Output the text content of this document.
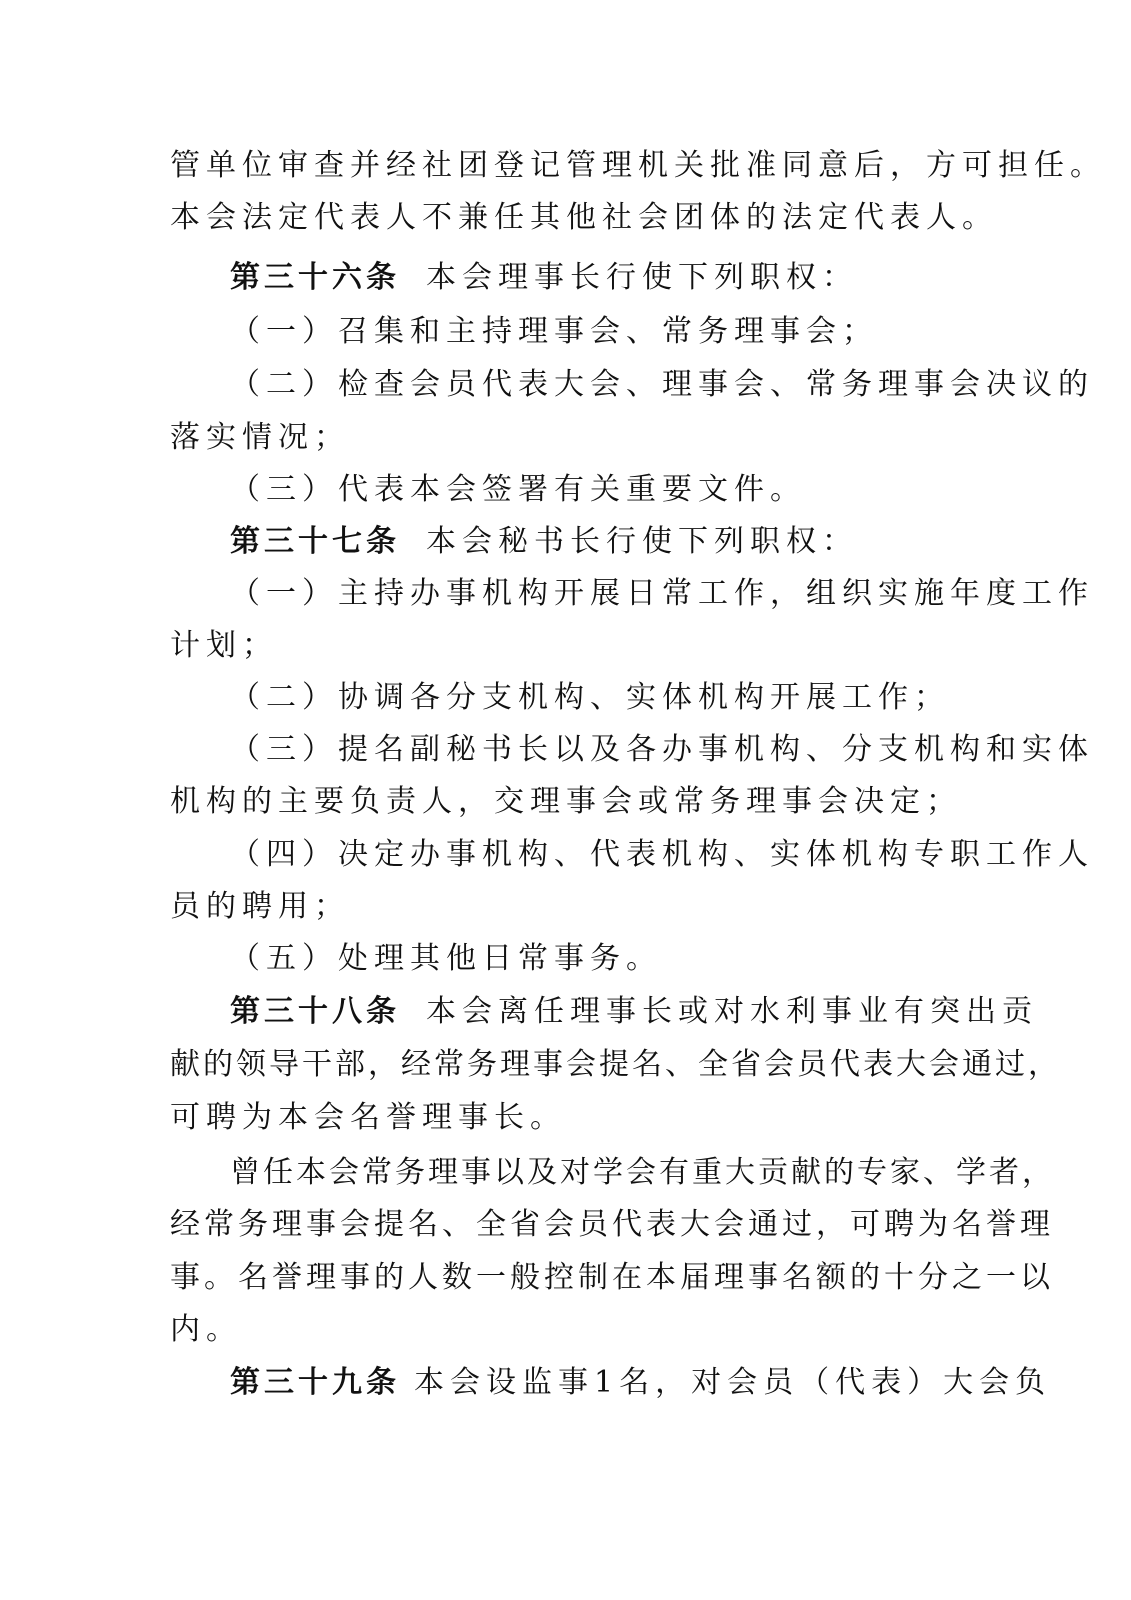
管单位审查并经社团登记管理机关批准同意后，方可担任。
本会法定代表人不兼任其他社会团体的法定代表人。
第三十六条 本会理事长行使下列职权：
（一）召集和主持理事会、常务理事会；
（二）检查会员代表大会、理事会、常务理事会决议的
落实情况；
（三）代表本会签署有关重要文件。
第三十七条 本会秘书长行使下列职权：
（一）主持办事机构开展日常工作，组织实施年度工作
计划；
（二）协调各分支机构、实体机构开展工作；
（三）提名副秘书长以及各办事机构、分支机构和实体
机构的主要负责人，交理事会或常务理事会决定；
（四）决定办事机构、代表机构、实体机构专职工作人
员的聘用；
（五）处理其他日常事务。
第三十八条 本会离任理事长或对水利事业有突出贡
献的领导干部，经常务理事会提名、全省会员代表大会通过，
可聘为本会名誉理事长。
曾任本会常务理事以及对学会有重大贡献的专家、学者，
经常务理事会提名、全省会员代表大会通过，可聘为名誉理
事。名誉理事的人数一般控制在本届理事名额的十分之一以
内。
第三十九条 本会设监事1名，对会员（代表）大会负
